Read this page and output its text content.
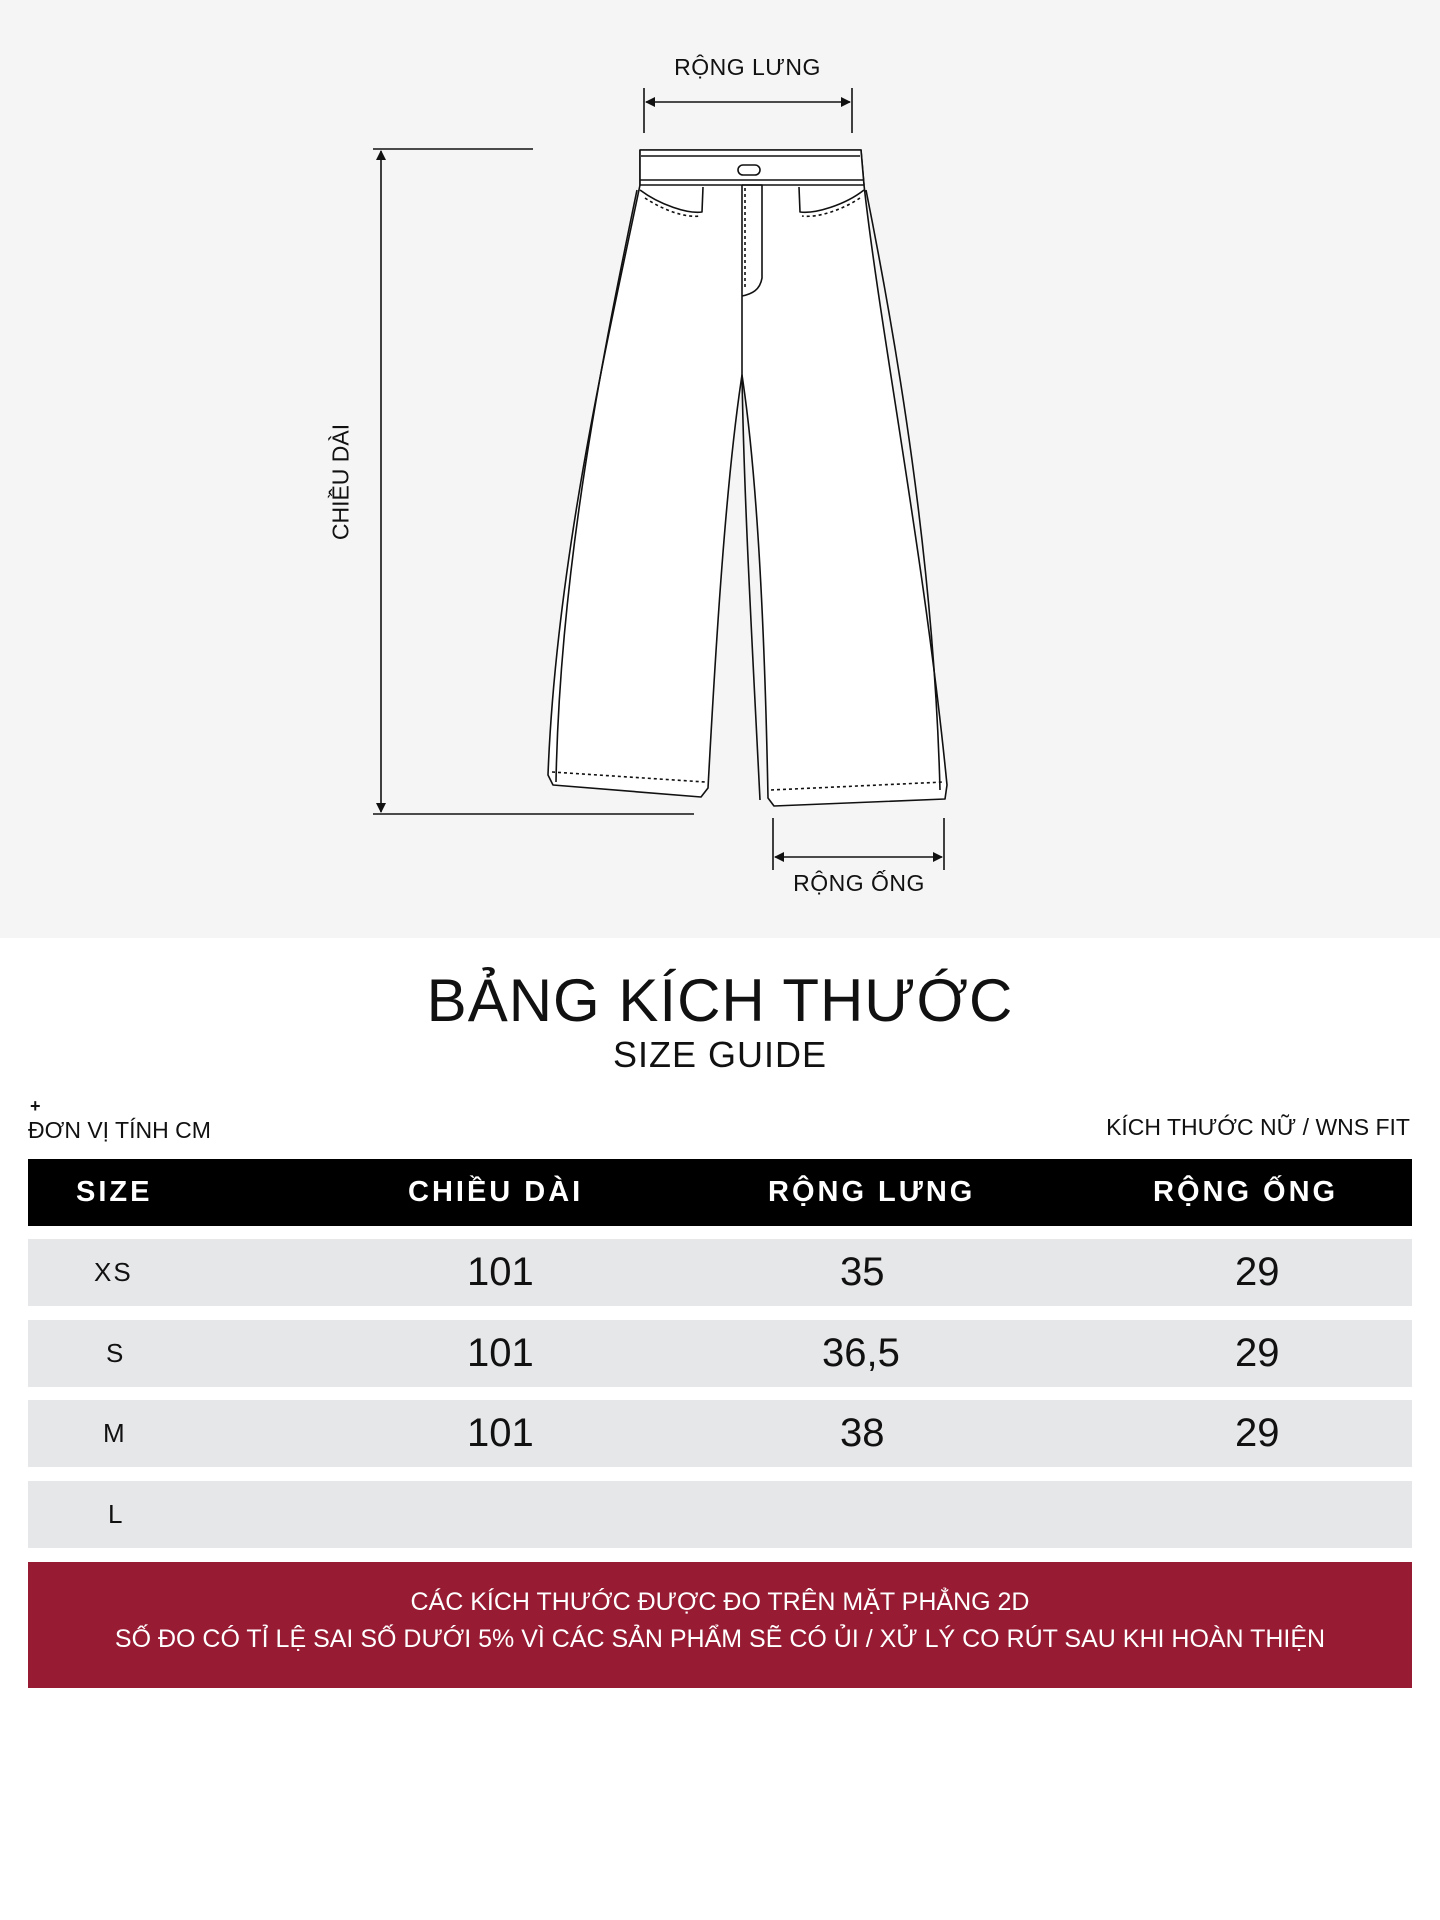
RỘNG LƯNG
CHIỀU DÀI
RỘNG ỐNG
BẢNG KÍCH THƯỚC
SIZE GUIDE
+
ĐƠN VỊ TÍNH CM	KÍCH THƯỚC NỮ / WNS FIT
SIZE	CHIỀU DÀI	RỘNG LƯNG	RỘNG ỐNG
XS	101	35	29
S	101	36,5	29
M	101	38	29
L
CÁC KÍCH THƯỚC ĐƯỢC ĐO TRÊN MẶT PHẲNG 2D
SỐ ĐO CÓ TỈ LỆ SAI SỐ DƯỚI 5% VÌ CÁC SẢN PHẨM SẼ CÓ ỦI / XỬ LÝ CO RÚT SAU KHI HOÀN THIỆN
